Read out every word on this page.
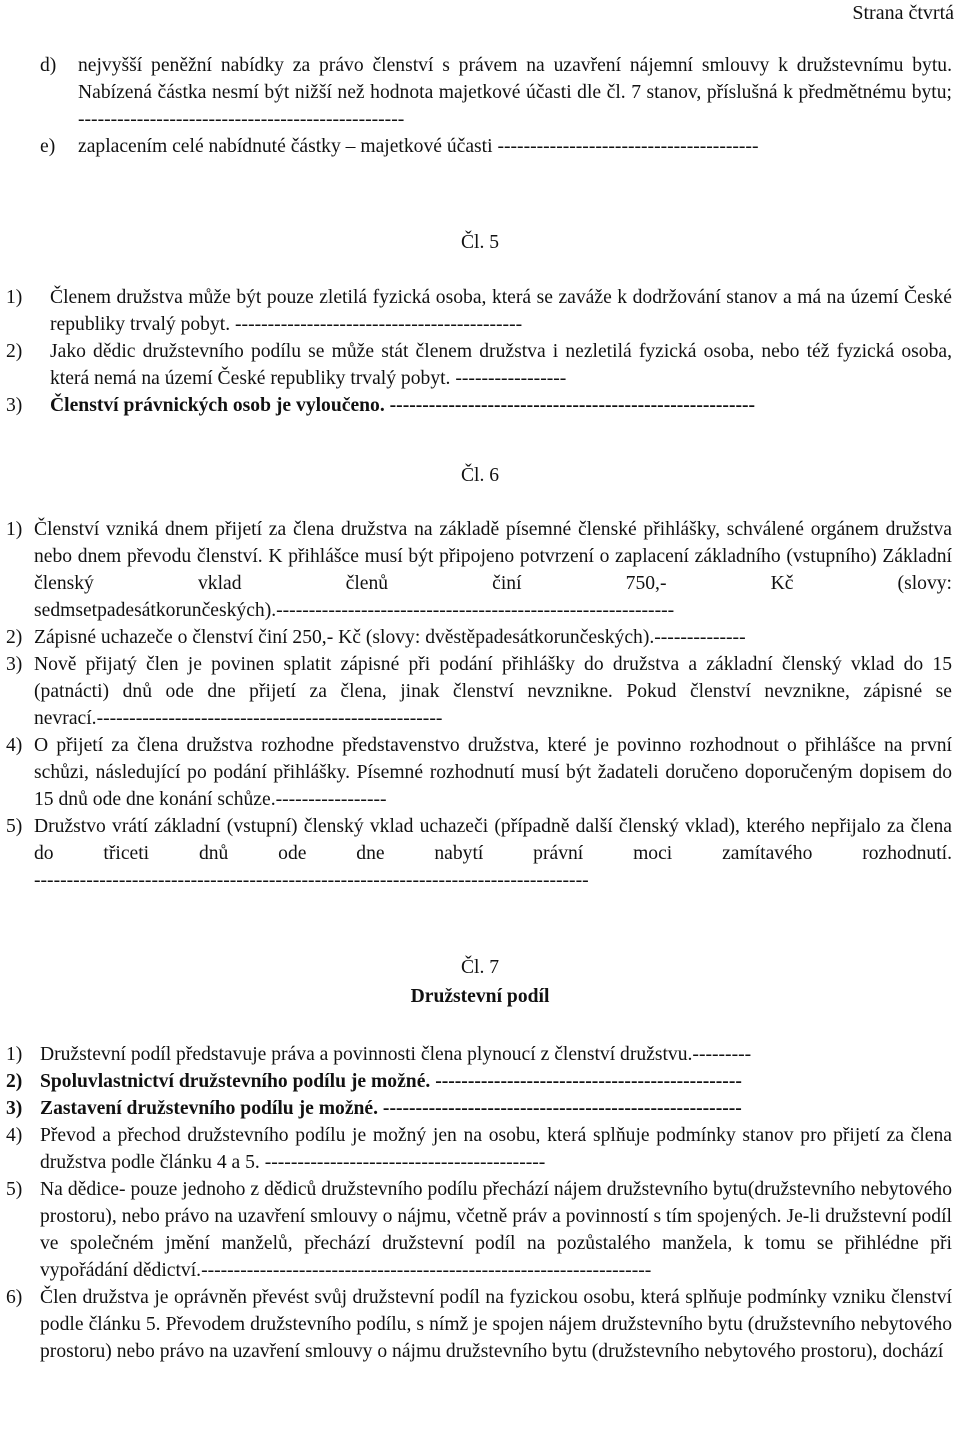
Strana čtvrtá
d) nejvyšší peněžní nabídky za právo členství s právem na uzavření nájemní smlouvy k družstevnímu bytu. Nabízená částka nesmí být nižší než hodnota majetkové účasti dle čl. 7 stanov, příslušná k předmětnému bytu; --------------------------------------------------
e) zaplacením celé nabídnuté částky – majetkové účasti ----------------------------------------
Čl. 5
1) Členem družstva může být pouze zletilá fyzická osoba, která se zaváže k dodržování stanov a má na území České republiky trvalý pobyt. --------------------------------------------
2) Jako dědic družstevního podílu se může stát členem družstva i nezletilá fyzická osoba, nebo též fyzická osoba, která nemá na území České republiky trvalý pobyt. -----------------
3) Členství právnických osob je vyloučeno. --------------------------------------------------------
Čl. 6
1) Členství vzniká dnem přijetí za člena družstva na základě písemné členské přihlášky, schválené orgánem družstva nebo dnem převodu členství. K přihlášce musí být připojeno potvrzení o zaplacení základního (vstupního) Základní členský vklad členů činí 750,- Kč (slovy: sedmsetpadesátkorunčeských).-------------------------------------------------------------
2) Zápisné uchazeče o členství činí 250,- Kč (slovy: dvěstěpadesátkorunčeských).--------------
3) Nově přijatý člen je povinen splatit zápisné při podání přihlášky do družstva a základní členský vklad do 15 (patnácti) dnů ode dne přijetí za člena, jinak členství nevznikne. Pokud členství nevznikne, zápisné se nevrací.-----------------------------------------------------
4) O přijetí za člena družstva rozhodne představenstvo družstva, které je povinno rozhodnout o přihlášce na první schůzi, následující po podání přihlášky. Písemné rozhodnutí musí být žadateli doručeno doporučeným dopisem do 15 dnů ode dne konání schůze.-----------------
5) Družstvo vrátí základní (vstupní) členský vklad uchazeči (případně další členský vklad), kterého nepřijalo za člena do třiceti dnů ode dne nabytí právní moci zamítavého rozhodnutí. -------------------------------------------------------------------------------------
Čl. 7
Družstevní podíl
1) Družstevní podíl představuje práva a povinnosti člena plynoucí z členství družstvu.---------
2) Spoluvlastnictví družstevního podílu je možné. -----------------------------------------------
3) Zastavení družstevního podílu je možné. -------------------------------------------------------
4) Převod a přechod družstevního podílu je možný jen na osobu, která splňuje podmínky stanov pro přijetí za člena družstva podle článku 4 a 5. -------------------------------------------
5) Na dědice- pouze jednoho z dědiců družstevního podílu přechází nájem družstevního bytu(družstevního nebytového prostoru), nebo právo na uzavření smlouvy o nájmu, včetně práv a povinností s tím spojených. Je-li družstevní podíl ve společném jmění manželů, přechází družstevní podíl na pozůstalého manžela, k tomu se přihlédne při vypořádání dědictví.---------------------------------------------------------------------
6) Člen družstva je oprávněn převést svůj družstevní podíl na fyzickou osobu, která splňuje podmínky vzniku členství podle článku 5. Převodem družstevního podílu, s nímž je spojen nájem družstevního bytu (družstevního nebytového prostoru) nebo právo na uzavření smlouvy o nájmu družstevního bytu (družstevního nebytového prostoru), dochází
